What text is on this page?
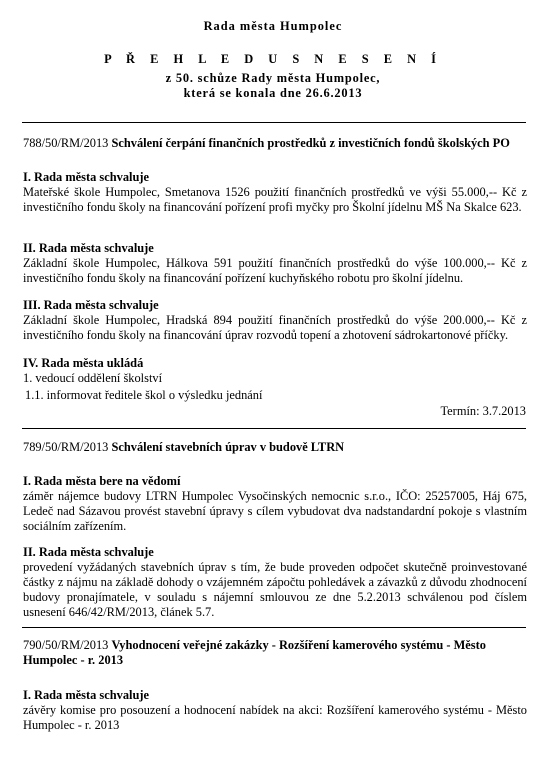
Rada města Humpolec
P Ř E H L E D U S N E S E N Í
z 50. schůze Rady města Humpolec,
která se konala dne 26.6.2013
788/50/RM/2013 Schválení čerpání finančních prostředků z investičních fondů školských PO
I. Rada města schvaluje
Mateřské škole Humpolec, Smetanova 1526 použití finančních prostředků ve výši 55.000,-- Kč z investičního fondu školy na financování pořízení profi myčky pro Školní jídelnu MŠ Na Skalce 623.
II. Rada města schvaluje
Základní škole Humpolec, Hálkova 591 použití finančních prostředků do výše 100.000,-- Kč z investičního fondu školy na financování pořízení kuchyňského robotu pro školní jídelnu.
III. Rada města schvaluje
Základní škole Humpolec, Hradská 894 použití finančních prostředků do výše 200.000,-- Kč z investičního fondu školy na financování úprav rozvodů topení a zhotovení sádrokartonové příčky.
IV. Rada města ukládá
1. vedoucí oddělení školství
1.1. informovat ředitele škol o výsledku jednání
Termín: 3.7.2013
789/50/RM/2013 Schválení stavebních úprav v budově LTRN
I. Rada města bere na vědomí
záměr nájemce budovy LTRN Humpolec Vysočinských nemocnic s.r.o., IČO: 25257005, Háj 675, Ledeč nad Sázavou provést stavební úpravy s cílem vybudovat dva nadstandardní pokoje s vlastním sociálním zařízením.
II. Rada města schvaluje
provedení vyžádaných stavebních úprav s tím, že bude proveden odpočet skutečně proinvestované částky z nájmu na základě dohody o vzájemném zápočtu pohledávek a závazků z důvodu zhodnocení budovy pronajímatele, v souladu s nájemní smlouvou ze dne 5.2.2013 schválenou pod číslem usnesení 646/42/RM/2013, článek 5.7.
790/50/RM/2013 Vyhodnocení veřejné zakázky - Rozšíření kamerového systému - Město Humpolec - r. 2013
I. Rada města schvaluje
závěry komise pro posouzení a hodnocení nabídek na akci: Rozšíření kamerového systému - Město Humpolec - r. 2013
